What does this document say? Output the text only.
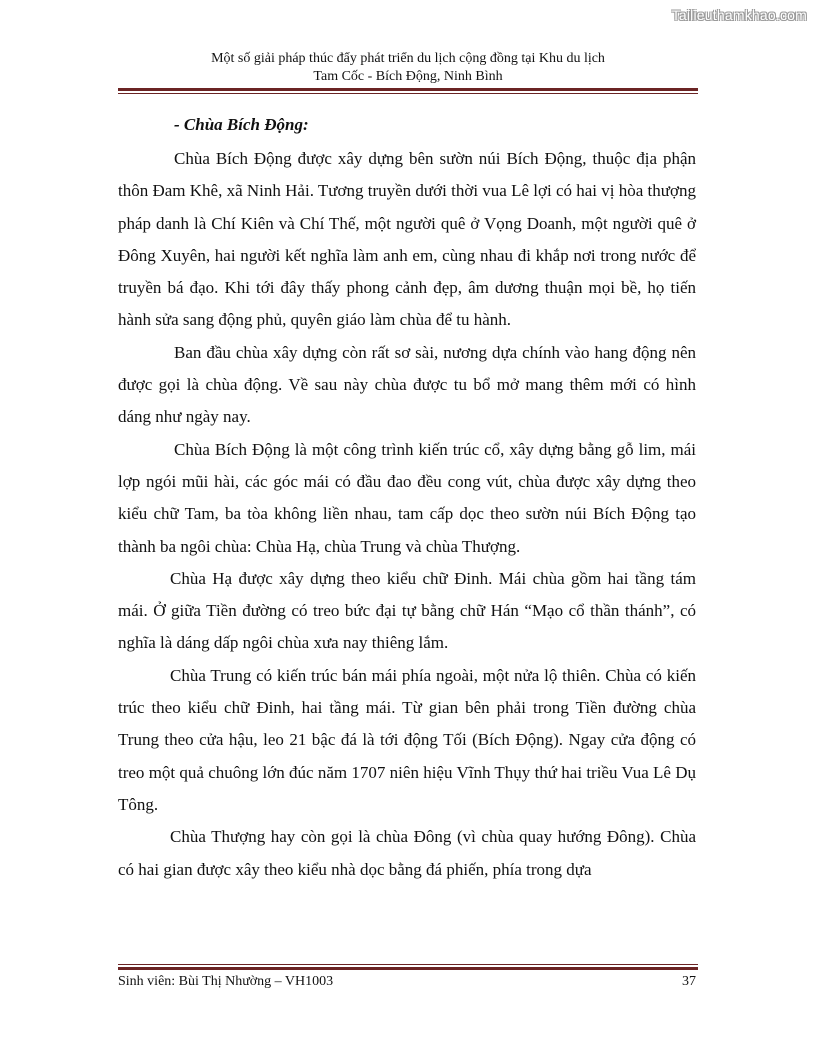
Tailieuthamkhao.com
Một số giải pháp thúc đẩy phát triển du lịch cộng đồng tại Khu du lịch
Tam Cốc - Bích Động, Ninh Bình

- Chùa Bích Động:

Chùa Bích Động được xây dựng bên sườn núi Bích Động, thuộc địa phận thôn Đam Khê, xã Ninh Hải. Tương truyền dưới thời vua Lê lợi có hai vị hòa thượng pháp danh là Chí Kiên và Chí Thế, một người quê ở Vọng Doanh, một người quê ở Đông Xuyên, hai người kết nghĩa làm anh em, cùng nhau đi khắp nơi trong nước để truyền bá đạo. Khi tới đây thấy phong cảnh đẹp, âm dương thuận mọi bề, họ tiến hành sửa sang động phủ, quyên giáo làm chùa để tu hành.

Ban đầu chùa xây dựng còn rất sơ sài, nương dựa chính vào hang động nên được gọi là chùa động. Về sau này chùa được tu bổ mở mang thêm mới có hình dáng như ngày nay.

Chùa Bích Động là một công trình kiến trúc cổ, xây dựng bằng gỗ lim, mái lợp ngói mũi hài, các góc mái có đầu đao đều cong vút, chùa được xây dựng theo kiểu chữ Tam, ba tòa không liền nhau, tam cấp dọc theo sườn núi Bích Động tạo thành ba ngôi chùa: Chùa Hạ, chùa Trung và chùa Thượng.

Chùa Hạ được xây dựng theo kiểu chữ Đinh. Mái chùa gồm hai tầng tám mái. Ở giữa Tiền đường có treo bức đại tự bằng chữ Hán “Mạo cổ thần thánh”, có nghĩa là dáng dấp ngôi chùa xưa nay thiêng lắm.

Chùa Trung có kiến trúc bán mái phía ngoài, một nửa lộ thiên. Chùa có kiến trúc theo kiểu chữ Đinh, hai tầng mái. Từ gian bên phải trong Tiền đường chùa Trung theo cửa hậu, leo 21 bậc đá là tới động Tối (Bích Động). Ngay cửa động có treo một quả chuông lớn đúc năm 1707 niên hiệu Vĩnh Thụy thứ hai triều Vua Lê Dụ Tông.

Chùa Thượng hay còn gọi là chùa Đông (vì chùa quay hướng Đông). Chùa có hai gian được xây theo kiểu nhà dọc bằng đá phiến, phía trong dựa

Sinh viên: Bùi Thị Nhường – VH1003	37
